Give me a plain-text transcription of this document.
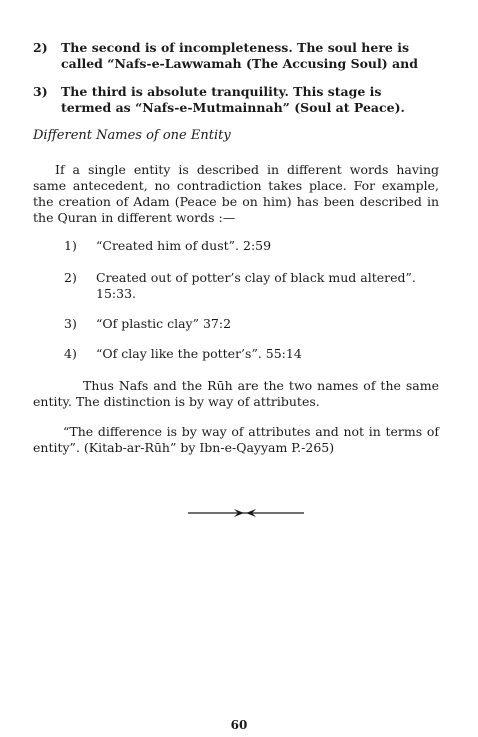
2)	The second is of incompleteness. The soul here is called “Nafs-e-Lawwamah (The Accusing Soul) and
3)	The third is absolute tranquility. This stage is termed as “Nafs-e-Mutmainnah” (Soul at Peace).
Different Names of one Entity
If a single entity is described in different words having same antecedent, no contradiction takes place. For example, the creation of Adam (Peace be on him) has been described in the Quran in different words :—
1)	“Created him of dust”. 2:59
2)	Created out of potter’s clay of black mud altered”. 15:33.
3)	“Of plastic clay” 37:2
4)	“Of clay like the potter’s”. 55:14
Thus Nafs and the Rūh are the two names of the same entity. The distinction is by way of attributes.
“The difference is by way of attributes and not in terms of entity”. (Kitab-ar-Rūh” by Ibn-e-Qayyam P.-265)
60
